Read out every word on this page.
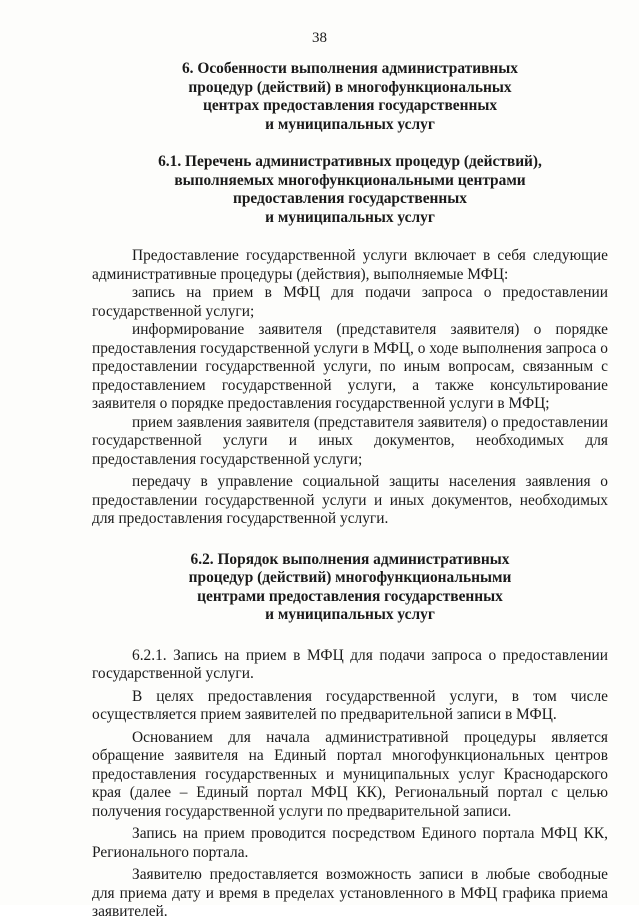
38
6. Особенности выполнения административных
процедур (действий) в многофункциональных
центрах предоставления государственных
и муниципальных услуг
6.1. Перечень административных процедур (действий),
выполняемых многофункциональными центрами
предоставления государственных
и муниципальных услуг

Предоставление государственной услуги включает в себя следующие административные процедуры (действия), выполняемые МФЦ:

запись на прием в МФЦ для подачи запроса о предоставлении государственной услуги;

информирование заявителя (представителя заявителя) о порядке предоставления государственной услуги в МФЦ, о ходе выполнения запроса о предоставлении государственной услуги, по иным вопросам, связанным с предоставлением государственной услуги, а также консультирование заявителя о порядке предоставления государственной услуги в МФЦ;

прием заявления заявителя (представителя заявителя) о предоставлении государственной услуги и иных документов, необходимых для предоставления государственной услуги;

передачу в управление социальной защиты населения заявления о предоставлении государственной услуги и иных документов, необходимых для предоставления государственной услуги.

6.2. Порядок выполнения административных
процедур (действий) многофункциональными
центрами предоставления государственных
и муниципальных услуг

6.2.1. Запись на прием в МФЦ для подачи запроса о предоставлении государственной услуги.

В целях предоставления государственной услуги, в том числе осуществляется прием заявителей по предварительной записи в МФЦ.

Основанием для начала административной процедуры является обращение заявителя на Единый портал многофункциональных центров предоставления государственных и муниципальных услуг Краснодарского края (далее – Единый портал МФЦ КК), Региональный портал с целью получения государственной услуги по предварительной записи.

Запись на прием проводится посредством Единого портала МФЦ КК, Регионального портала.

Заявителю предоставляется возможность записи в любые свободные для приема дату и время в пределах установленного в МФЦ графика приема заявителей.
